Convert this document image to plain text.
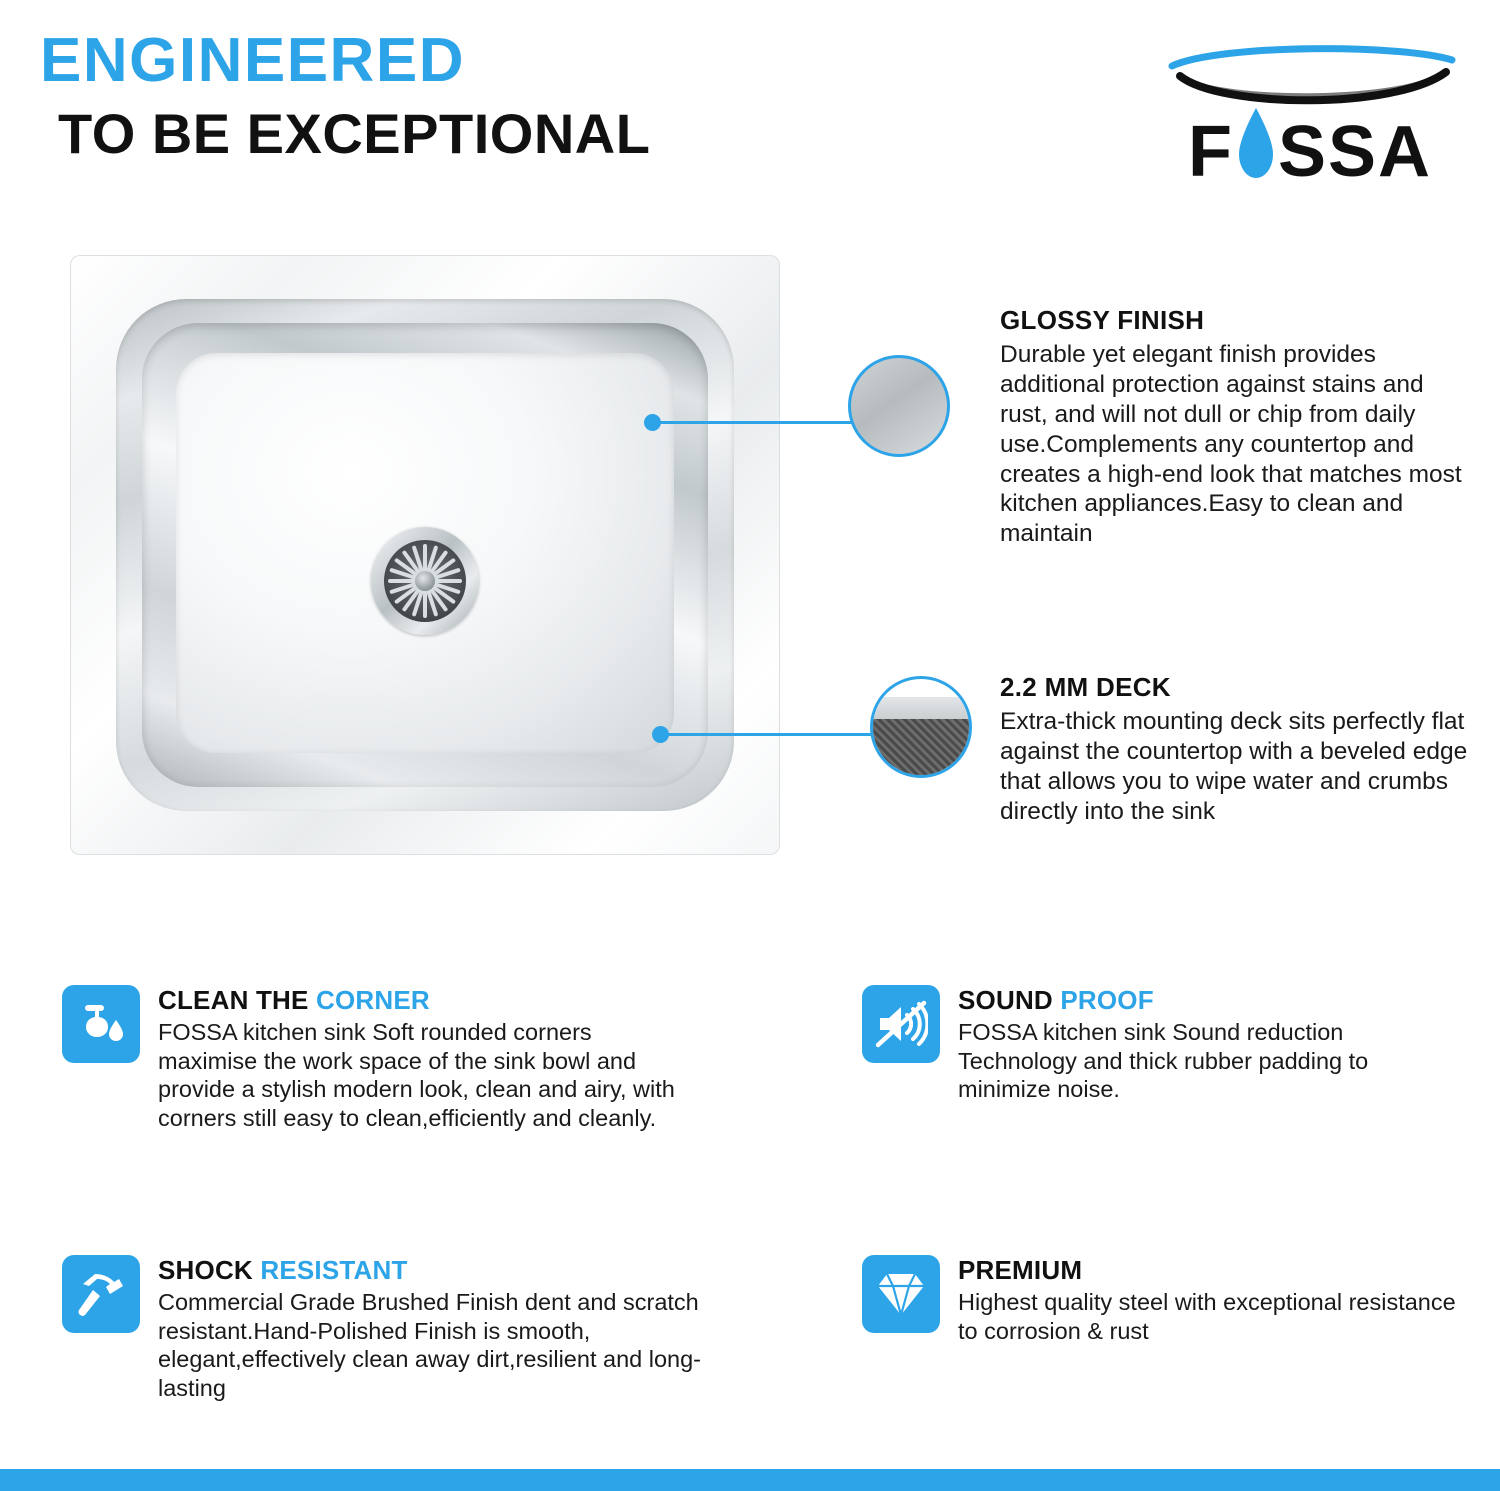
ENGINEERED
TO BE EXCEPTIONAL	F SSA

GLOSSY FINISH

Durable yet elegant finish provides additional protection against stains and rust, and will not dull or chip from daily use.Complements any countertop and creates a high-end look that matches most kitchen appliances.Easy to clean and maintain

2.2 MM DECK

Extra-thick mounting deck sits perfectly flat against the countertop with a beveled edge that allows you to wipe water and crumbs directly into the sink

CLEAN THE CORNER

FOSSA kitchen sink Soft rounded corners maximise the work space of the sink bowl and provide a stylish modern look, clean and airy, with corners still easy to clean,efficiently and cleanly.

SOUND PROOF

FOSSA kitchen sink Sound reduction Technology and thick rubber padding to minimize noise.

SHOCK RESISTANT

Commercial Grade Brushed Finish dent and scratch resistant.Hand-Polished Finish is smooth, elegant,effectively clean away dirt,resilient and long-lasting

PREMIUM

Highest quality steel with exceptional resistance to corrosion & rust
